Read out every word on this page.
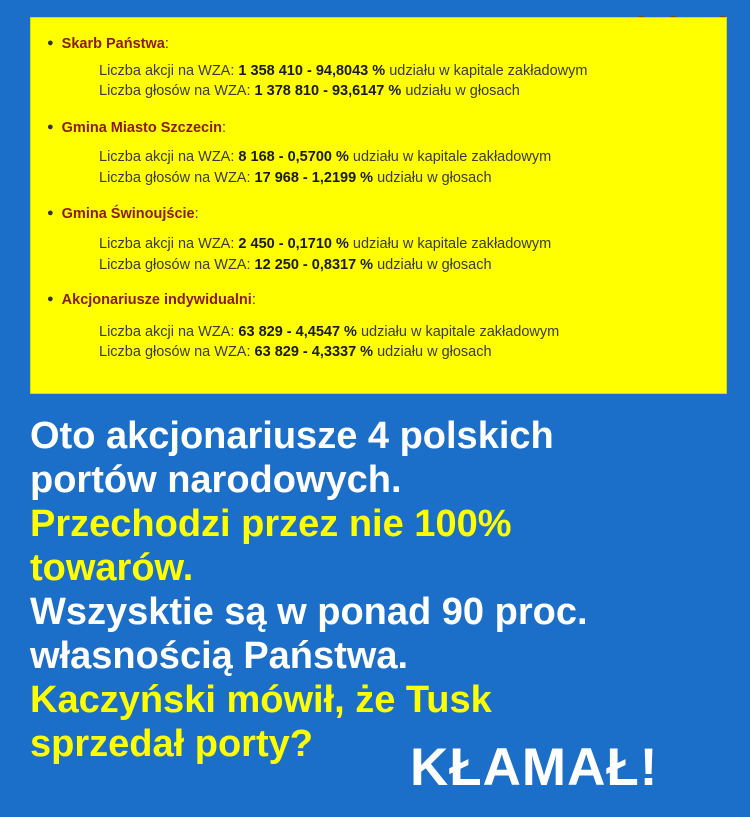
● Skarb Państwa:
Liczba akcji na WZA: 1 358 410 - 94,8043 % udziału w kapitale zakładowym
Liczba głosów na WZA: 1 378 810 - 93,6147 % udziału w głosach
● Gmina Miasto Szczecin:
Liczba akcji na WZA: 8 168 - 0,5700 % udziału w kapitale zakładowym
Liczba głosów na WZA: 17 968 - 1,2199 % udziału w głosach
● Gmina Świnoujście:
Liczba akcji na WZA: 2 450 - 0,1710 % udziału w kapitale zakładowym
Liczba głosów na WZA: 12 250 - 0,8317 % udziału w głosach
● Akcjonariusze indywidualni:
Liczba akcji na WZA: 63 829 - 4,4547 % udziału w kapitale zakładowym
Liczba głosów na WZA: 63 829 - 4,3337 % udziału w głosach
Oto akcjonariusze 4 polskich
portów narodowych.
Przechodzi przez nie 100%
towarów.
Wszysktie są w ponad 90 proc.
własnością Państwa.
Kaczyński mówił, że Tusk
sprzedał porty?	KŁAMAŁ!
